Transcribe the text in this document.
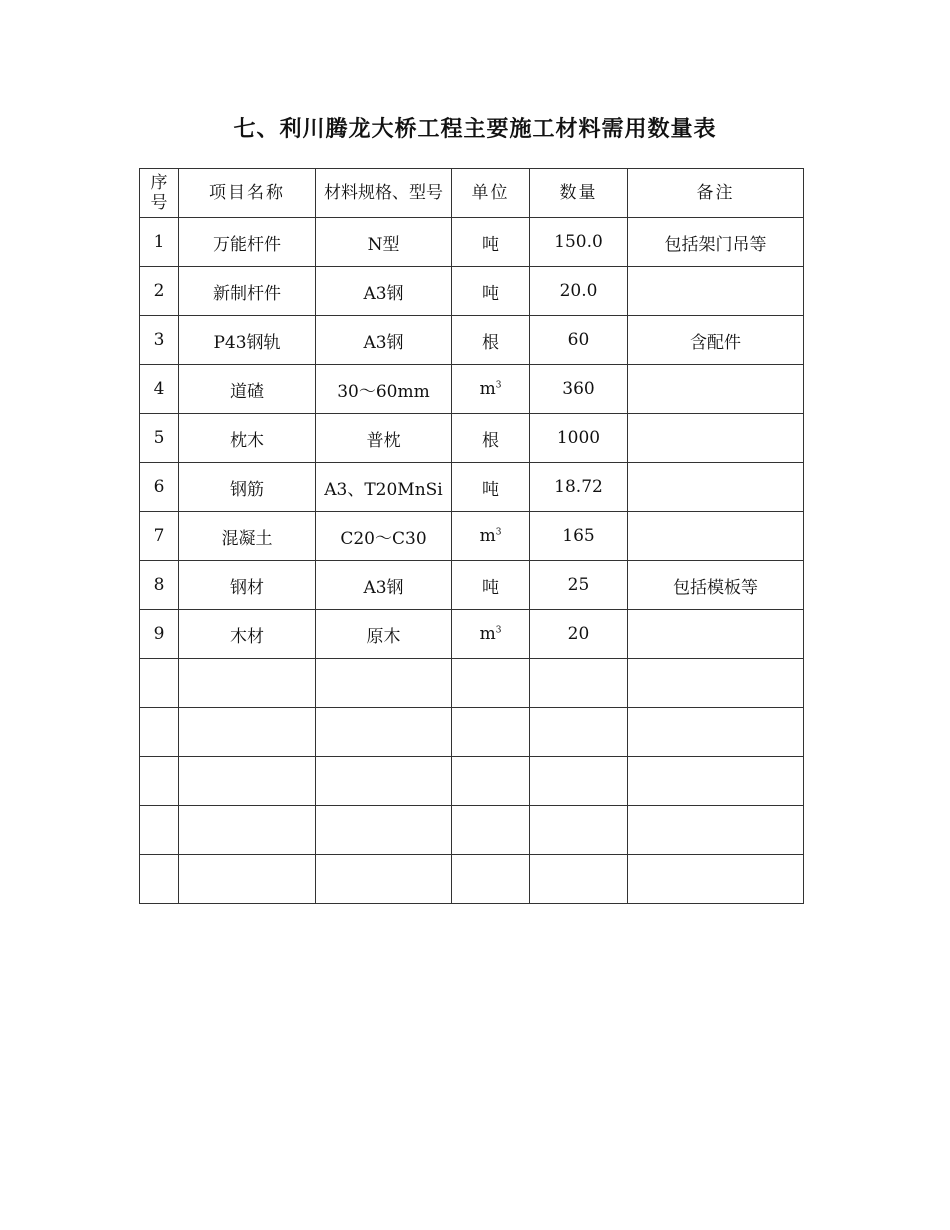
七、利川腾龙大桥工程主要施工材料需用数量表
序号	项目名称	材料规格、型号	单位	数量	备注
1	万能杆件	N型	吨	150.0	包括架门吊等
2	新制杆件	A3钢	吨	20.0	
3	P43钢轨	A3钢	根	60	含配件
4	道碴	30～60mm	$m^3$	360	
5	枕木	普枕	根	1000	
6	钢筋	A3、T20MnSi	吨	18.72	
7	混凝土	C20～C30	$m^3$	165	
8	钢材	A3钢	吨	25	包括模板等
9	木材	原木	$m^3$	20	
